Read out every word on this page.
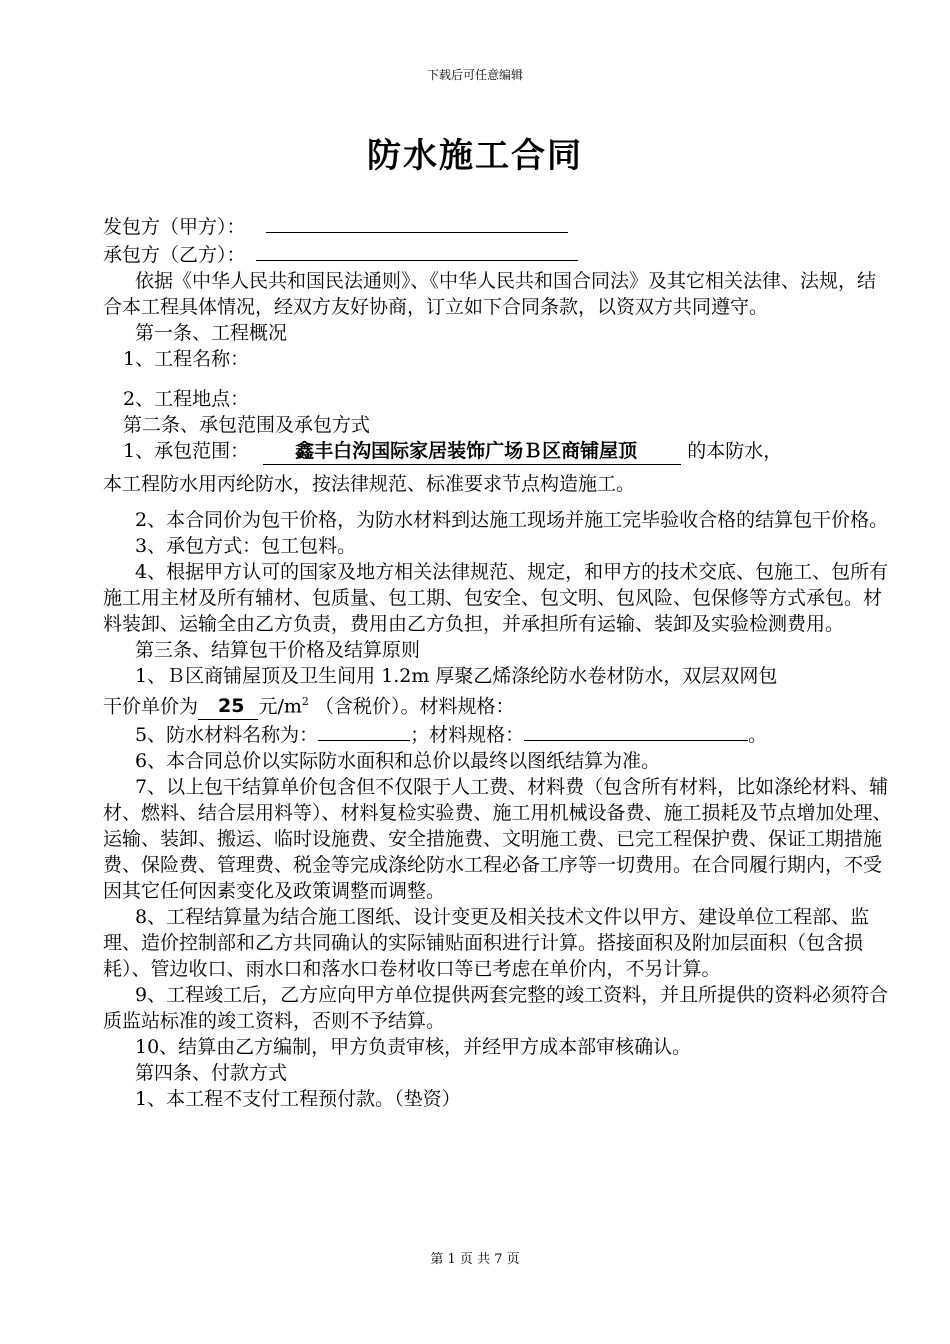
下载后可任意编辑
防水施工合同
发包方（甲方）：
承包方（乙方）：
依据《中华人民共和国民法通则》、《中华人民共和国合同法》及其它相关法律、法规，结合本工程具体情况，经双方友好协商，订立如下合同条款，以资双方共同遵守。
第一条、工程概况
1、工程名称：
2、工程地点：
第二条、承包范围及承包方式
1、承包范围： 鑫丰白沟国际家居装饰广场Ｂ区商铺屋顶	的本防水，
本工程防水用丙纶防水，按法律规范、标准要求节点构造施工。
2、本合同价为包干价格，为防水材料到达施工现场并施工完毕验收合格的结算包干价格。
3、承包方式：包工包料。
4、根据甲方认可的国家及地方相关法律规范、规定，和甲方的技术交底、包施工、包所有施工用主材及所有辅材、包质量、包工期、包安全、包文明、包风险、包保修等方式承包。材料装卸、运输全由乙方负责，费用由乙方负担，并承担所有运输、装卸及实验检测费用。
第三条、结算包干价格及结算原则
1、Ｂ区商铺屋顶及卫生间用 1.2m 厚聚乙烯涤纶防水卷材防水，双层双网包
干价单价为 25 元$/m^2$ （含税价）。材料规格：
5、防水材料名称为：	；材料规格：	。
6、本合同总价以实际防水面积和总价以最终以图纸结算为准。
7、以上包干结算单价包含但不仅限于人工费、材料费（包含所有材料，比如涤纶材料、辅材、燃料、结合层用料等）、材料复检实验费、施工用机械设备费、施工损耗及节点增加处理、运输、装卸、搬运、临时设施费、安全措施费、文明施工费、已完工程保护费、保证工期措施费、保险费、管理费、税金等完成涤纶防水工程必备工序等一切费用。在合同履行期内，不受因其它任何因素变化及政策调整而调整。
8、工程结算量为结合施工图纸、设计变更及相关技术文件以甲方、建设单位工程部、监理、造价控制部和乙方共同确认的实际铺贴面积进行计算。搭接面积及附加层面积（包含损耗）、管边收口、雨水口和落水口卷材收口等已考虑在单价内，不另计算。
9、工程竣工后，乙方应向甲方单位提供两套完整的竣工资料，并且所提供的资料必须符合质监站标准的竣工资料，否则不予结算。
10、结算由乙方编制，甲方负责审核，并经甲方成本部审核确认。
第四条、付款方式
1、本工程不支付工程预付款。（垫资）
第 1 页 共 7 页
